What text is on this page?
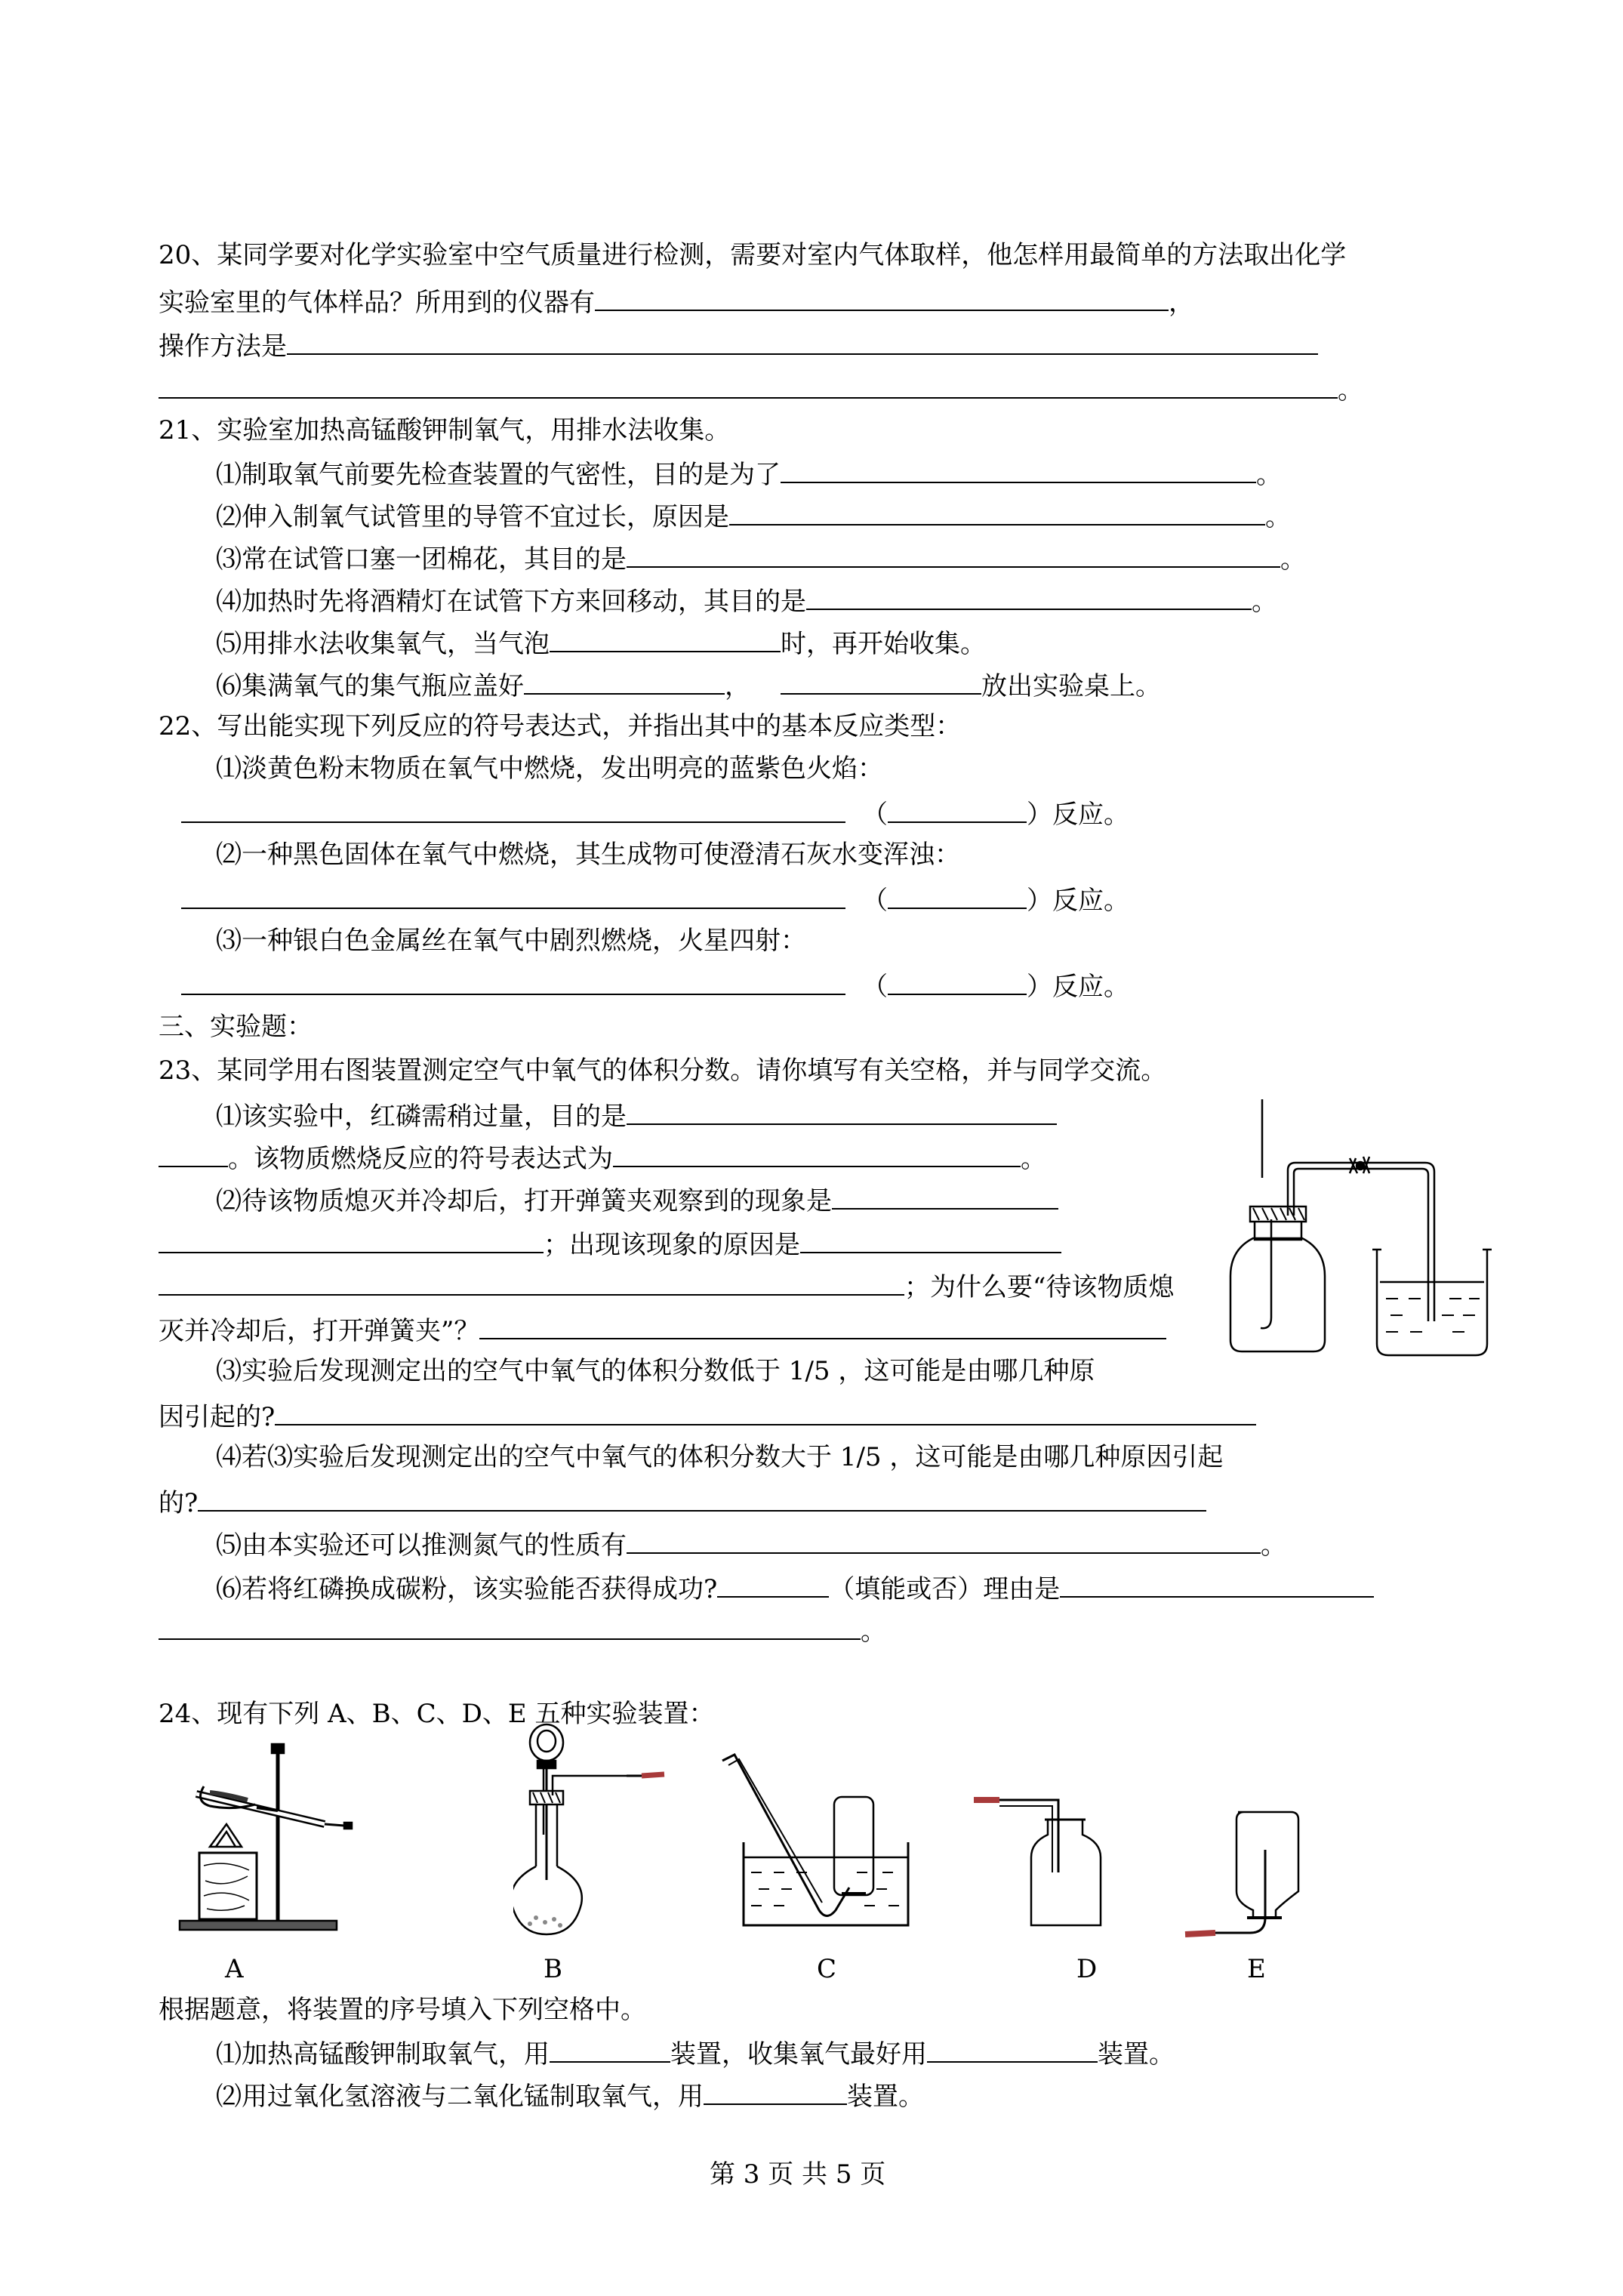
20、某同学要对化学实验室中空气质量进行检测，需要对室内气体取样，他怎样用最简单的方法取出化学
实验室里的气体样品？所用到的仪器有	，
操作方法是
。
21、实验室加热高锰酸钾制氧气，用排水法收集。
⑴制取氧气前要先检查装置的气密性，目的是为了	。
⑵伸入制氧气试管里的导管不宜过长，原因是	。
⑶常在试管口塞一团棉花，其目的是	。
⑷加热时先将酒精灯在试管下方来回移动，其目的是	。
⑸用排水法收集氧气，当气泡	时，再开始收集。
⑹集满氧气的集气瓶应盖好	，	放出实验桌上。
22、写出能实现下列反应的符号表达式，并指出其中的基本反应类型：
⑴淡黄色粉末物质在氧气中燃烧，发出明亮的蓝紫色火焰：
（	）反应。
⑵一种黑色固体在氧气中燃烧，其生成物可使澄清石灰水变浑浊：
（	）反应。
⑶一种银白色金属丝在氧气中剧烈燃烧，火星四射：
（	）反应。
三、实验题：
23、某同学用右图装置测定空气中氧气的体积分数。请你填写有关空格，并与同学交流。
⑴该实验中，红磷需稍过量，目的是
。该物质燃烧反应的符号表达式为	。
⑵待该物质熄灭并冷却后，打开弹簧夹观察到的现象是
；出现该现象的原因是
；为什么要“待该物质熄
灭并冷却后，打开弹簧夹”？
⑶实验后发现测定出的空气中氧气的体积分数低于 1/5 ，这可能是由哪几种原
因引起的?
⑷若⑶实验后发现测定出的空气中氧气的体积分数大于 1/5 ，这可能是由哪几种原因引起
的?
⑸由本实验还可以推测氮气的性质有	。
⑹若将红磷换成碳粉，该实验能否获得成功?	（填能或否）理由是
。
24、现有下列 A、B、C、D、E 五种实验装置：
A	B	C	D	E
根据题意，将装置的序号填入下列空格中。
⑴加热高锰酸钾制取氧气，用	装置，收集氧气最好用	装置。
⑵用过氧化氢溶液与二氧化锰制取氧气，用	装置。
第 3 页 共 5 页
